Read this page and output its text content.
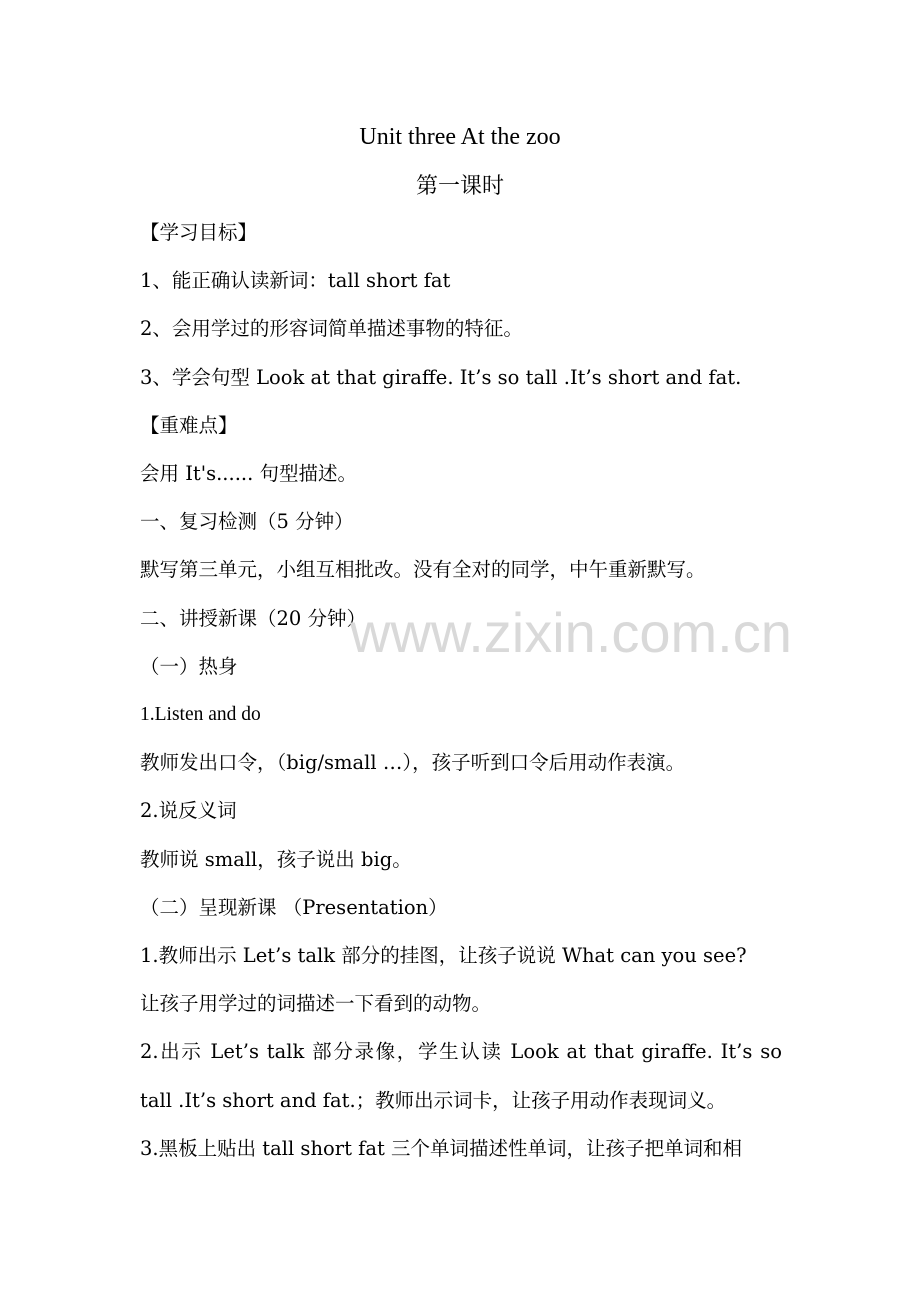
Unit three At the zoo
第一课时
【学习目标】
1、能正确认读新词：tall short fat
2、会用学过的形容词简单描述事物的特征。
3、学会句型 Look at that giraffe. It’s so tall .It’s short and fat.
【重难点】
会用 It's...... 句型描述。
一、复习检测（5 分钟）
默写第三单元，小组互相批改。没有全对的同学，中午重新默写。
二、讲授新课（20 分钟）
（一）热身
1.Listen and do
教师发出口令，（big/small …），孩子听到口令后用动作表演。
2.说反义词
教师说 small，孩子说出 big。
（二）呈现新课 （Presentation）
1.教师出示 Let’s talk 部分的挂图，让孩子说说 What can you see?
让孩子用学过的词描述一下看到的动物。
2.出示 Let’s talk 部分录像，学生认读 Look at that giraffe. It’s so
tall .It’s short and fat.；教师出示词卡，让孩子用动作表现词义。
3.黑板上贴出 tall short fat 三个单词描述性单词，让孩子把单词和相
www.zixin.com.cn
